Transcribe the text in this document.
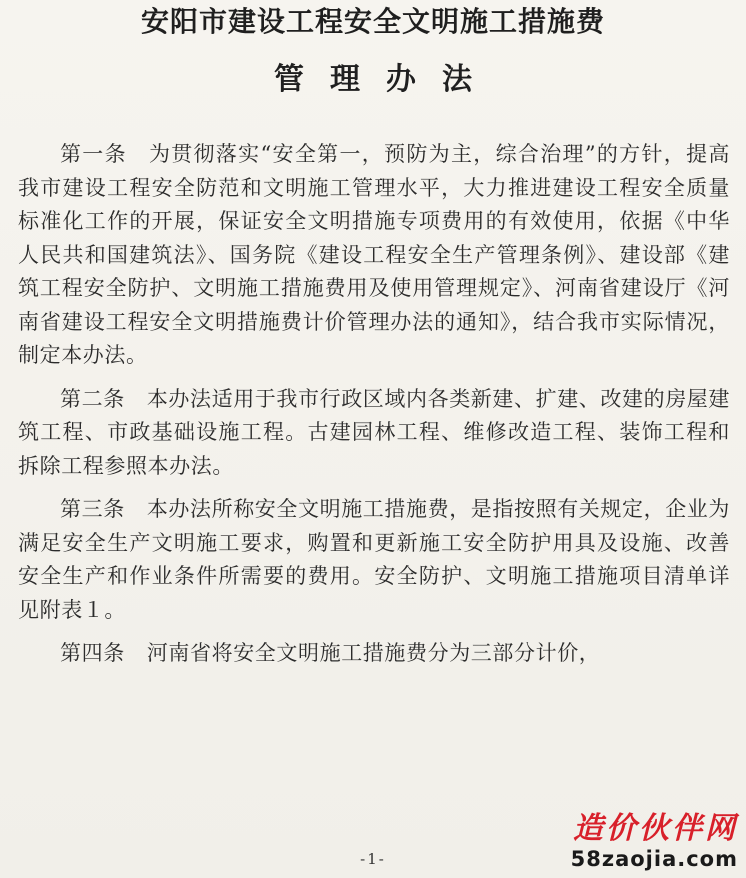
安阳市建设工程安全文明施工措施费
管理办法

第一条 为贯彻落实“安全第一，预防为主，综合治理”的方针，提高我市建设工程安全防范和文明施工管理水平，大力推进建设工程安全质量标准化工作的开展，保证安全文明措施专项费用的有效使用，依据《中华人民共和国建筑法》、国务院《建设工程安全生产管理条例》、建设部《建筑工程安全防护、文明施工措施费用及使用管理规定》、河南省建设厅《河南省建设工程安全文明措施费计价管理办法的通知》，结合我市实际情况，制定本办法。

第二条 本办法适用于我市行政区域内各类新建、扩建、改建的房屋建筑工程、市政基础设施工程。古建园林工程、维修改造工程、装饰工程和拆除工程参照本办法。

第三条 本办法所称安全文明施工措施费，是指按照有关规定，企业为满足安全生产文明施工要求，购置和更新施工安全防护用具及设施、改善安全生产和作业条件所需要的费用。安全防护、文明施工措施项目清单详见附表１。

第四条 河南省将安全文明施工措施费分为三部分计价，

-1-
造价伙伴网
58zaojia.com
